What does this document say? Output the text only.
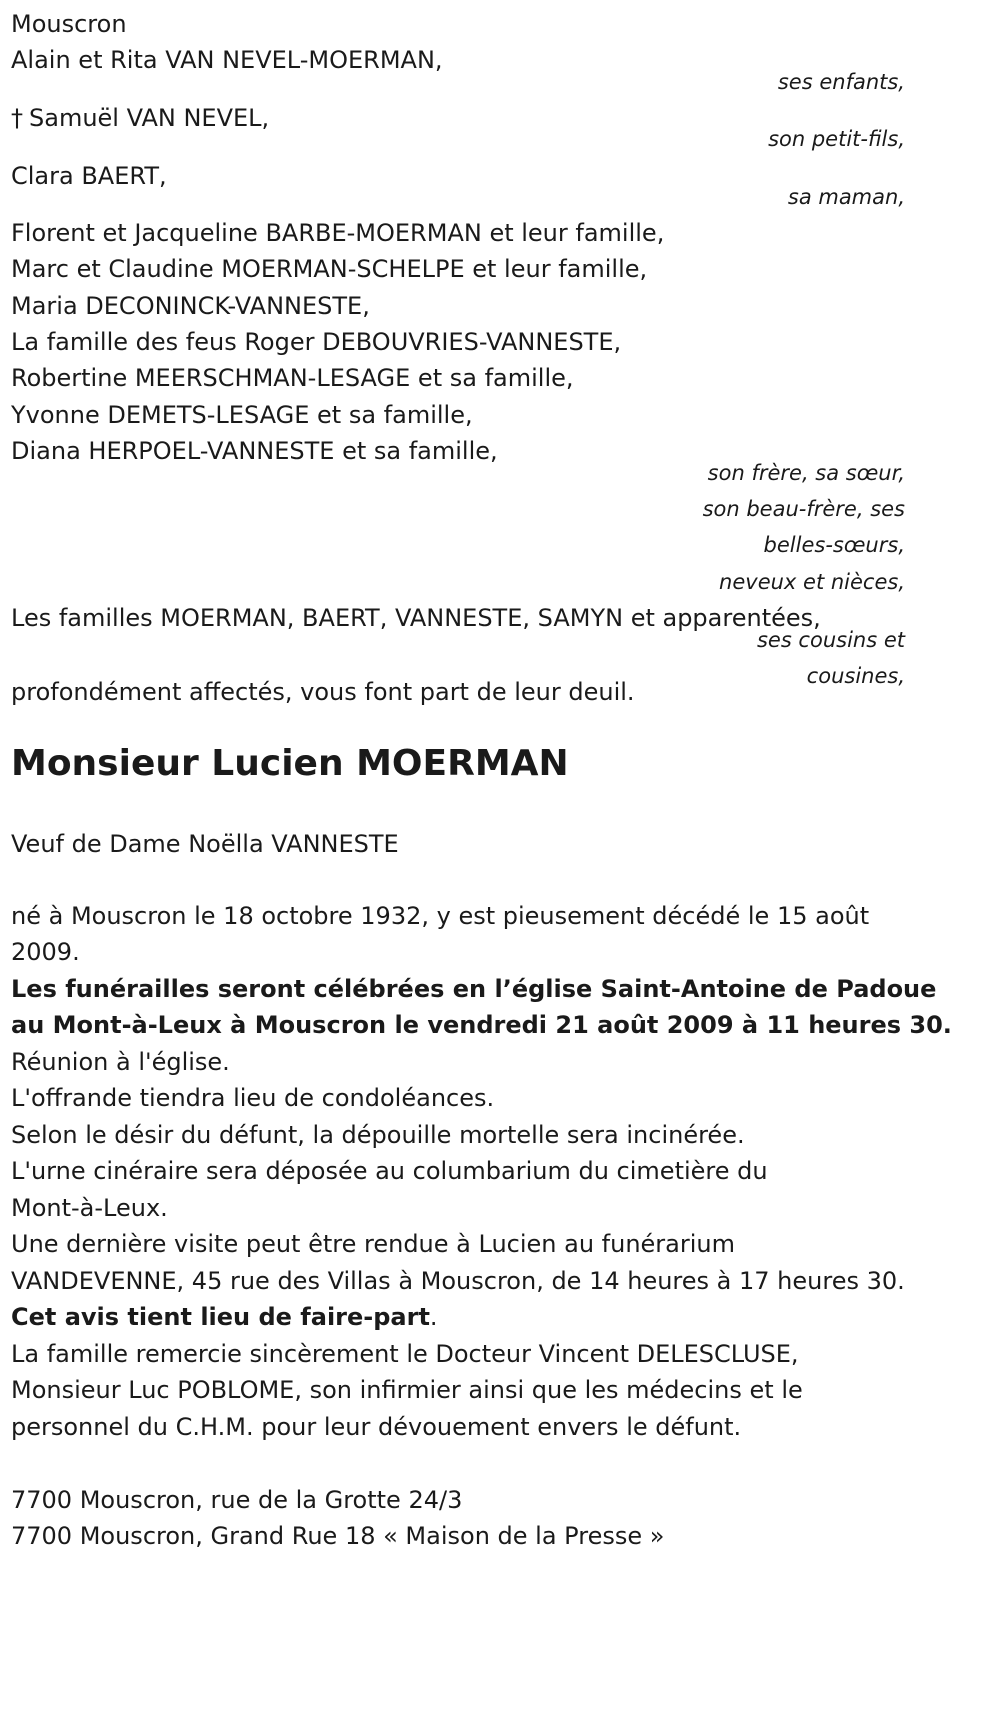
Mouscron

Alain et Rita VAN NEVEL-MOERMAN,

ses enfants,

† Samuël VAN NEVEL,

son petit-fils,

Clara BAERT,

sa maman,

Florent et Jacqueline BARBE-MOERMAN et leur famille,

Marc et Claudine MOERMAN-SCHELPE et leur famille,

Maria DECONINCK-VANNESTE,

La famille des feus Roger DEBOUVRIES-VANNESTE,

Robertine MEERSCHMAN-LESAGE et sa famille,

Yvonne DEMETS-LESAGE et sa famille,

Diana HERPOEL-VANNESTE et sa famille,

son frère, sa sœur,

son beau-frère, ses

belles-sœurs,

neveux et nièces,

Les familles MOERMAN, BAERT, VANNESTE, SAMYN et apparentées,

ses cousins et

cousines,

profondément affectés, vous font part de leur deuil.

Monsieur Lucien MOERMAN

Veuf de Dame Noëlla VANNESTE

né à Mouscron le 18 octobre 1932, y est pieusement décédé le 15 août

2009.

Les funérailles seront célébrées en l’église Saint-Antoine de Padoue

au Mont-à-Leux à Mouscron le vendredi 21 août 2009 à 11 heures 30.

Réunion à l'église.

L'offrande tiendra lieu de condoléances.

Selon le désir du défunt, la dépouille mortelle sera incinérée.

L'urne cinéraire sera déposée au columbarium du cimetière du

Mont-à-Leux.

Une dernière visite peut être rendue à Lucien au funérarium

VANDEVENNE, 45 rue des Villas à Mouscron, de 14 heures à 17 heures 30.

Cet avis tient lieu de faire-part.

La famille remercie sincèrement le Docteur Vincent DELESCLUSE,

Monsieur Luc POBLOME, son infirmier ainsi que les médecins et le

personnel du C.H.M. pour leur dévouement envers le défunt.

7700 Mouscron, rue de la Grotte 24/3

7700 Mouscron, Grand Rue 18 « Maison de la Presse »
